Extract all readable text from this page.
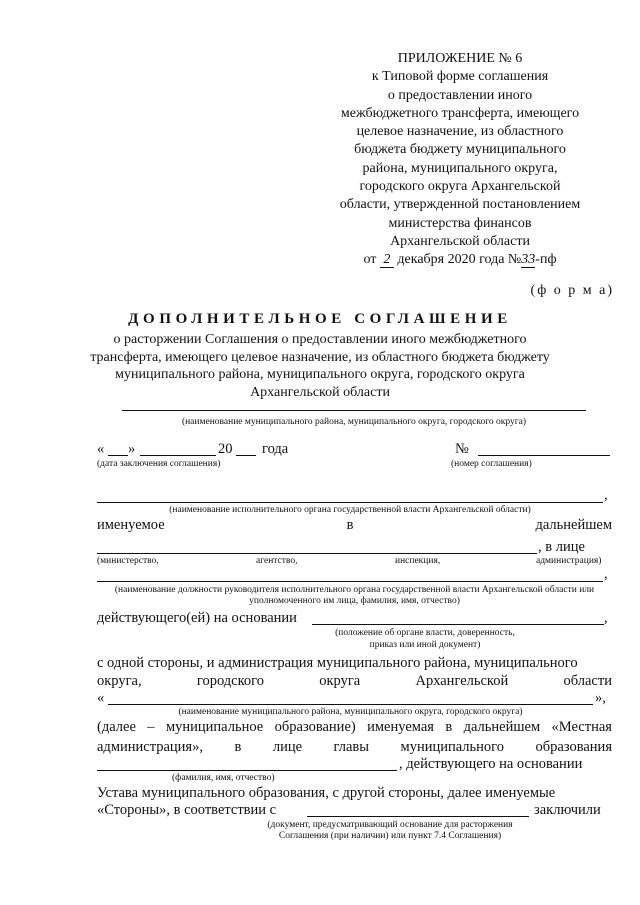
ПРИЛОЖЕНИЕ № 6
к Типовой форме соглашения
о предоставлении иного
межбюджетного трансферта, имеющего
целевое назначение, из областного
бюджета бюджету муниципального
района, муниципального округа,
городского округа Архангельской
области, утвержденной постановлением
министерства финансов
Архангельской области
от 2 декабря 2020 года №33-пф
(ф о р м а)
ДОПОЛНИТЕЛЬНОЕ СОГЛАШЕНИЕ
о расторжении Соглашения о предоставлении иного межбюджетного трансферта, имеющего целевое назначение, из областного бюджета бюджету муниципального района, муниципального округа, городского округа Архангельской области
(наименование муниципального района, муниципального округа, городского округа)
« »	20 года	№
(дата заключения соглашения)	(номер соглашения)
,
(наименование исполнительного органа государственной власти Архангельской области)
именуемое	в	дальнейшем
, в лице
(министерство,	агентство,	инспекция,	администрация)
,
(наименование должности руководителя исполнительного органа государственной власти Архангельской области или уполномоченного им лица, фамилия, имя, отчество)
действующего(ей) на основании	,
(положение об органе власти, доверенность,
приказ или иной документ)
с одной стороны, и администрация муниципального района, муниципального
округа,	городского	округа	Архангельской	области
«	»,
(наименование муниципального района, муниципального округа, городского округа)
(далее – муниципальное образование) именуемая в дальнейшем «Местная
администрация», в лице главы муниципального образования
, действующего на основании
(фамилия, имя, отчество)
Устава муниципального образования, с другой стороны, далее именуемые
«Стороны», в соответствии с	заключили
(документ, предусматривающий основание для расторжения
Соглашения (при наличии) или пункт 7.4 Соглашения)
